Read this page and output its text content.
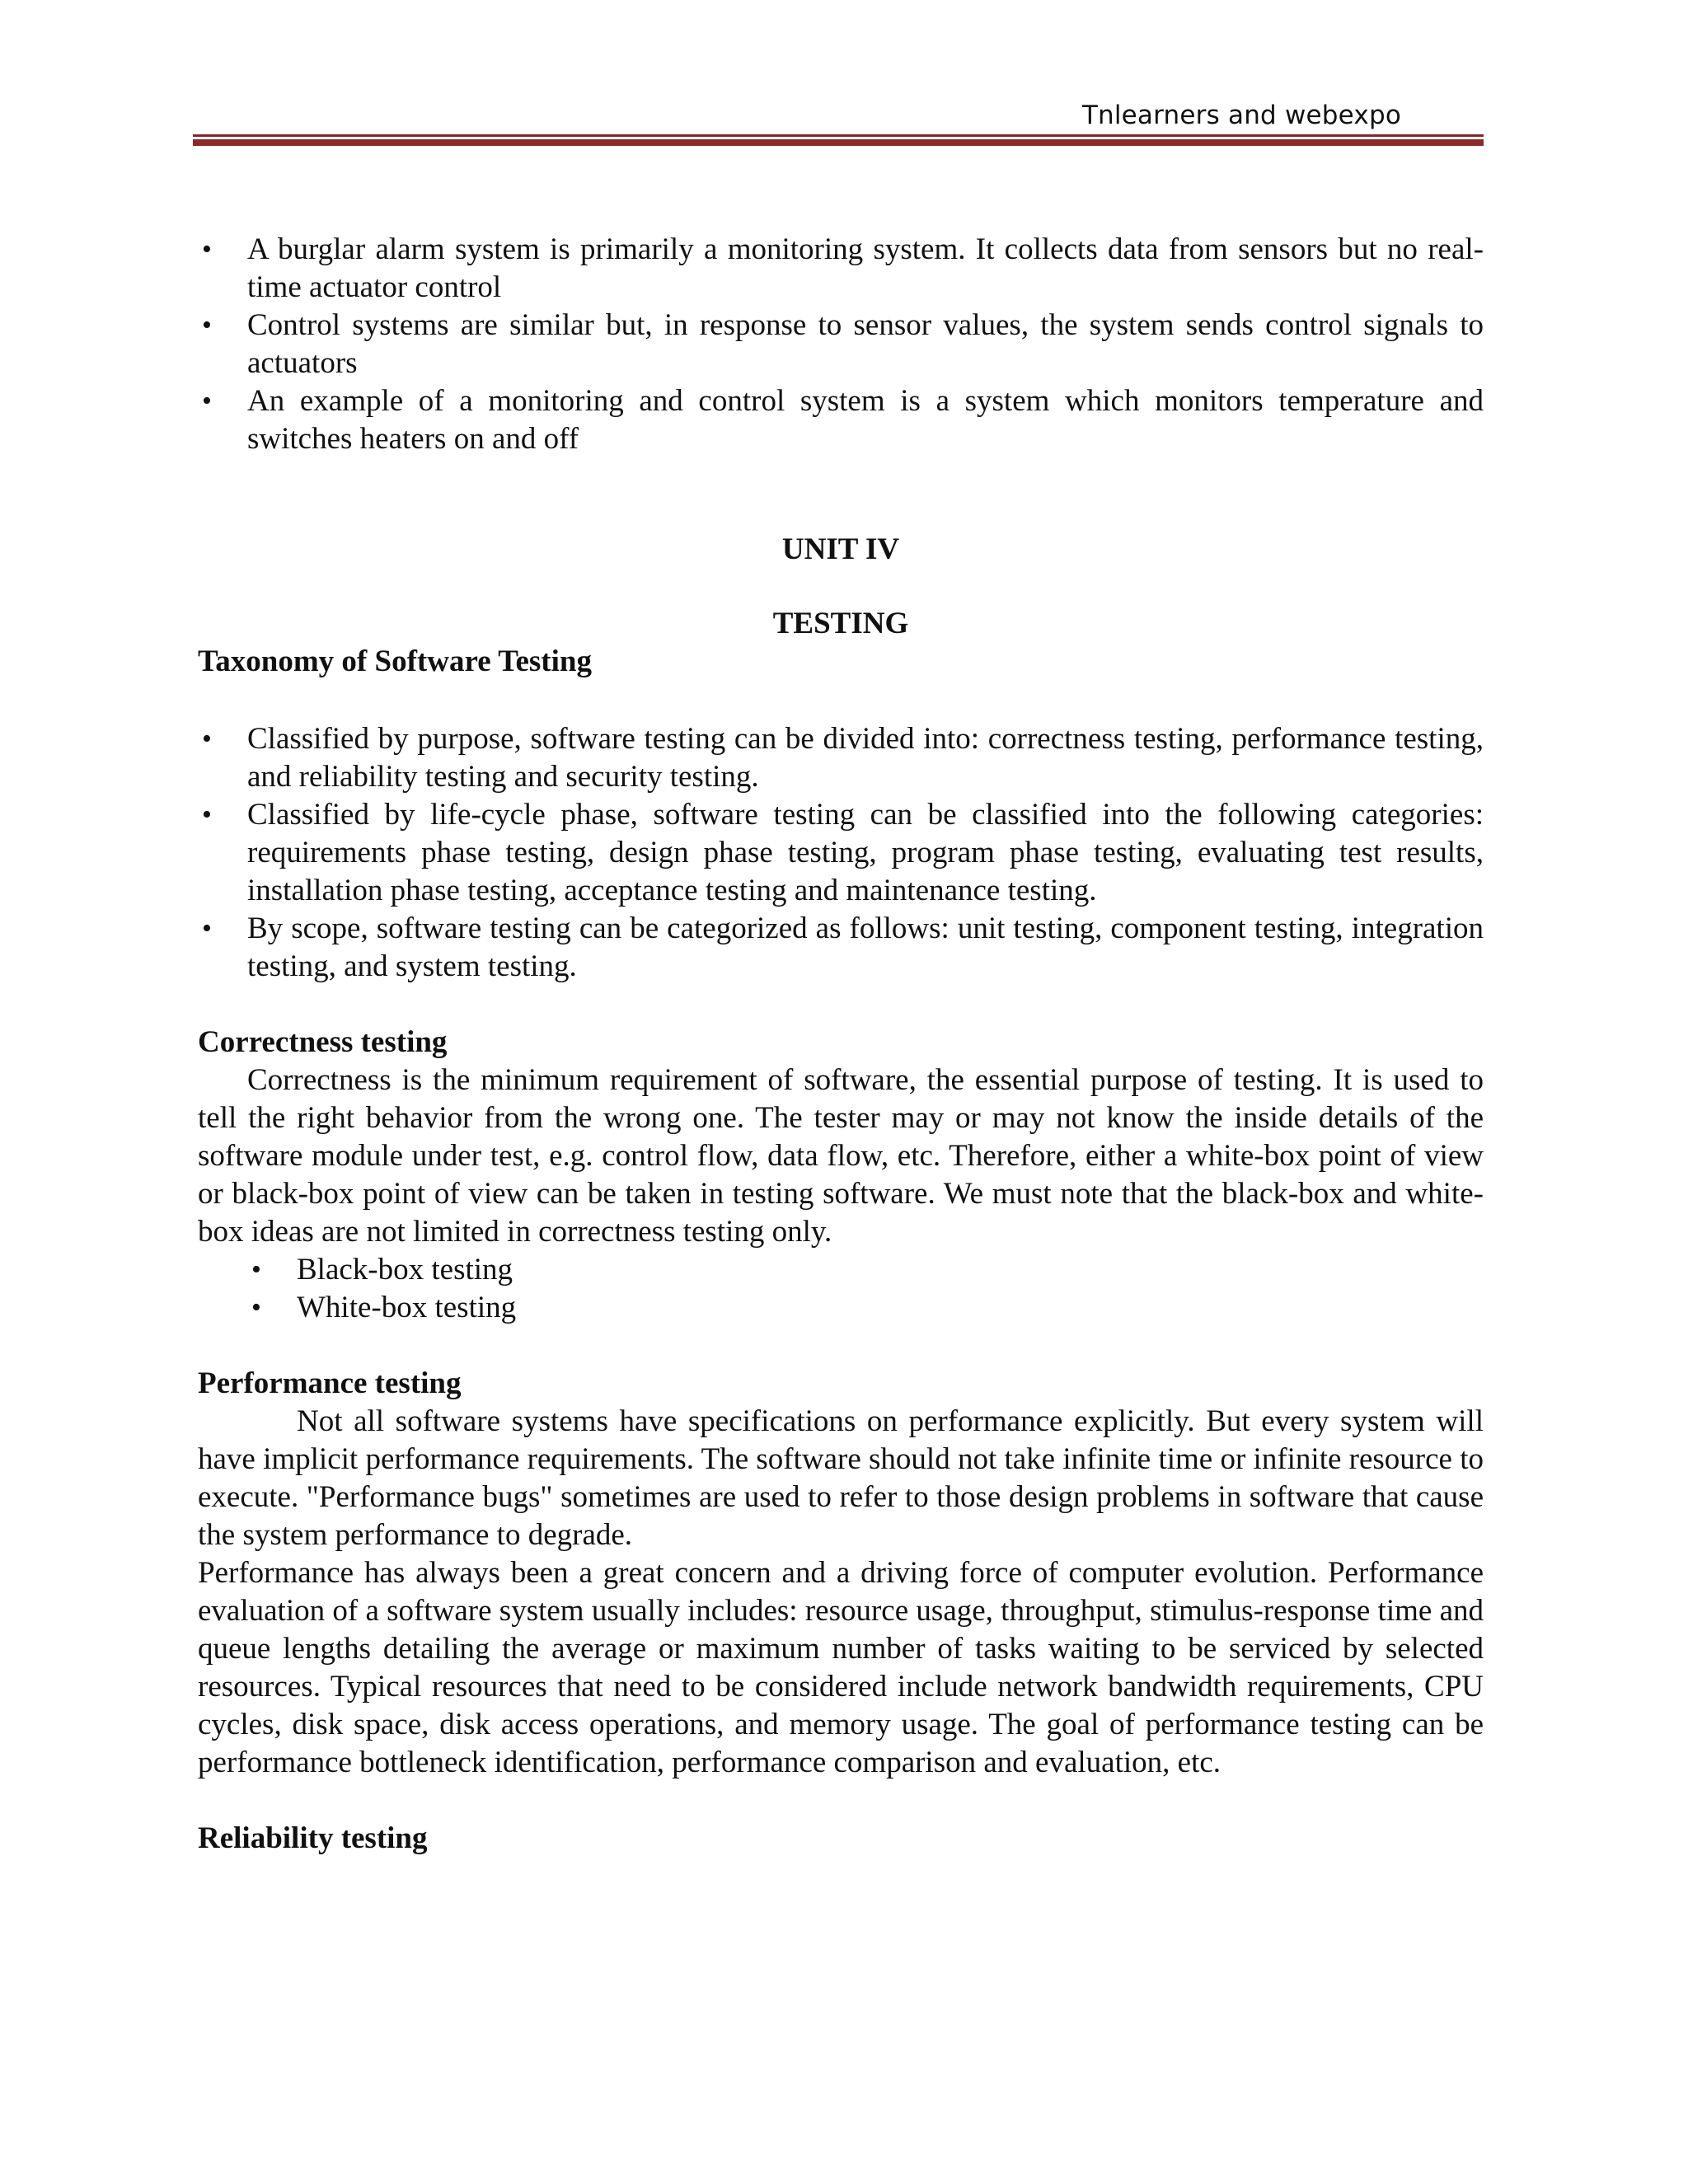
Tnlearners and webexpo
• A burglar alarm system is primarily a monitoring system. It collects data from sensors but no real-time actuator control
• Control systems are similar but, in response to sensor values, the system sends control signals to actuators
• An example of a monitoring and control system is a system which monitors temperature and switches heaters on and off
UNIT IV
TESTING
Taxonomy of Software Testing
• Classified by purpose, software testing can be divided into: correctness testing, performance testing, and reliability testing and security testing.
• Classified by life-cycle phase, software testing can be classified into the following categories: requirements phase testing, design phase testing, program phase testing, evaluating test results, installation phase testing, acceptance testing and maintenance testing.
• By scope, software testing can be categorized as follows: unit testing, component testing, integration testing, and system testing.
Correctness testing

Correctness is the minimum requirement of software, the essential purpose of testing. It is used to tell the right behavior from the wrong one. The tester may or may not know the inside details of the software module under test, e.g. control flow, data flow, etc. Therefore, either a white-box point of view or black-box point of view can be taken in testing software. We must note that the black-box and white-box ideas are not limited in correctness testing only.

• Black-box testing
• White-box testing
Performance testing

Not all software systems have specifications on performance explicitly. But every system will have implicit performance requirements. The software should not take infinite time or infinite resource to execute. "Performance bugs" sometimes are used to refer to those design problems in software that cause the system performance to degrade.

Performance has always been a great concern and a driving force of computer evolution. Performance evaluation of a software system usually includes: resource usage, throughput, stimulus-response time and queue lengths detailing the average or maximum number of tasks waiting to be serviced by selected resources. Typical resources that need to be considered include network bandwidth requirements, CPU cycles, disk space, disk access operations, and memory usage. The goal of performance testing can be performance bottleneck identification, performance comparison and evaluation, etc.

Reliability testing
